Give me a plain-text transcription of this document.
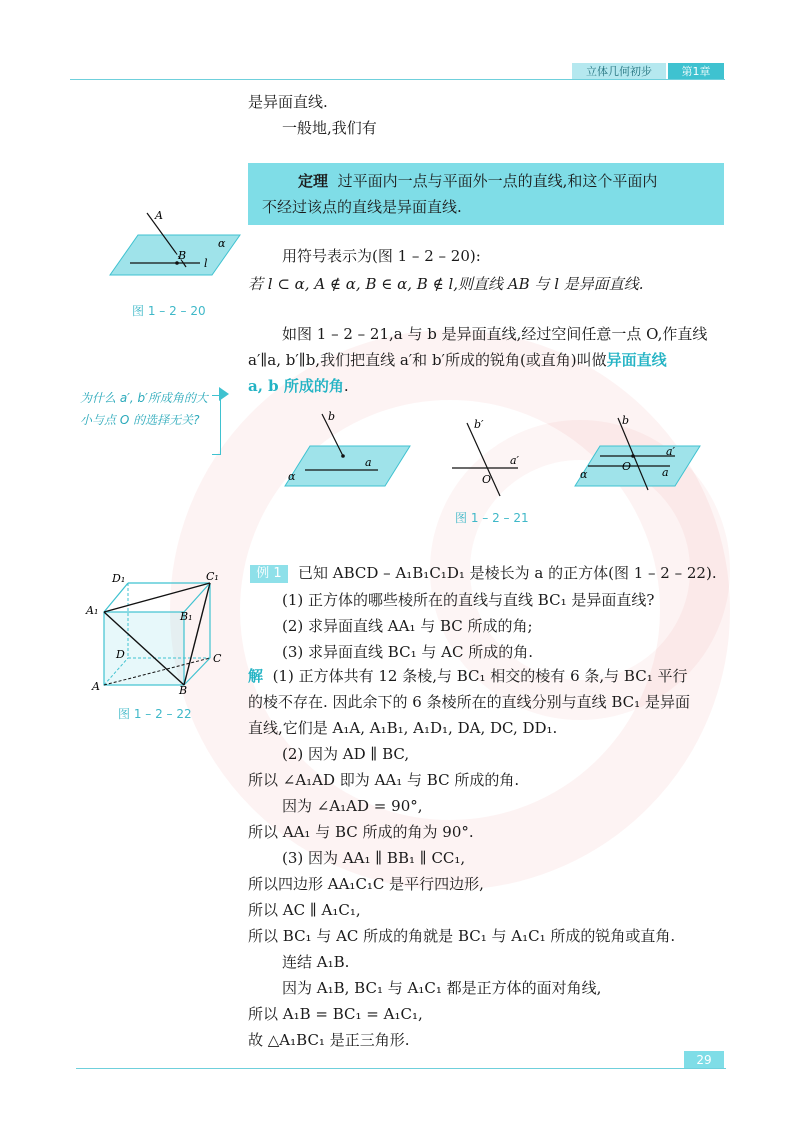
立体几何初步	第1章
是异面直线.
一般地,我们有
定理 过平面内一点与平面外一点的直线,和这个平面内
不经过该点的直线是异面直线.
A
B
l
α
图 1 – 2 – 20
用符号表示为(图 1 – 2 – 20):
若 l ⊂ α, A ∉ α, B ∈ α, B ∉ l,则直线 AB 与 l 是异面直线.
如图 1 – 2 – 21,a 与 b 是异面直线,经过空间任意一点 O,作直线
a′∥a, b′∥b,我们把直线 a′和 b′所成的锐角(或直角)叫做异面直线
a, b 所成的角.
为什么 a′, b′所成角的大小与点 O 的选择无关?	b
a
α
b′
a′
O
b
a′
a
O
α
图 1 – 2 – 21
D₁	C₁
A₁	B₁
D	C
A	B
图 1 – 2 – 22
例 1	已知 ABCD – A₁B₁C₁D₁ 是棱长为 a 的正方体(图 1 – 2 – 22).
(1) 正方体的哪些棱所在的直线与直线 BC₁ 是异面直线?
(2) 求异面直线 AA₁ 与 BC 所成的角;
(3) 求异面直线 BC₁ 与 AC 所成的角.
解 (1) 正方体共有 12 条棱,与 BC₁ 相交的棱有 6 条,与 BC₁ 平行
的棱不存在. 因此余下的 6 条棱所在的直线分别与直线 BC₁ 是异面
直线,它们是 A₁A, A₁B₁, A₁D₁, DA, DC, DD₁.
(2) 因为 AD ∥ BC,
所以 ∠A₁AD 即为 AA₁ 与 BC 所成的角.
因为 ∠A₁AD = 90°,
所以 AA₁ 与 BC 所成的角为 90°.
(3) 因为 AA₁ ∥ BB₁ ∥ CC₁,
所以四边形 AA₁C₁C 是平行四边形,
所以 AC ∥ A₁C₁,
所以 BC₁ 与 AC 所成的角就是 BC₁ 与 A₁C₁ 所成的锐角或直角.
连结 A₁B.
因为 A₁B, BC₁ 与 A₁C₁ 都是正方体的面对角线,
所以 A₁B = BC₁ = A₁C₁,
故 △A₁BC₁ 是正三角形.
29
